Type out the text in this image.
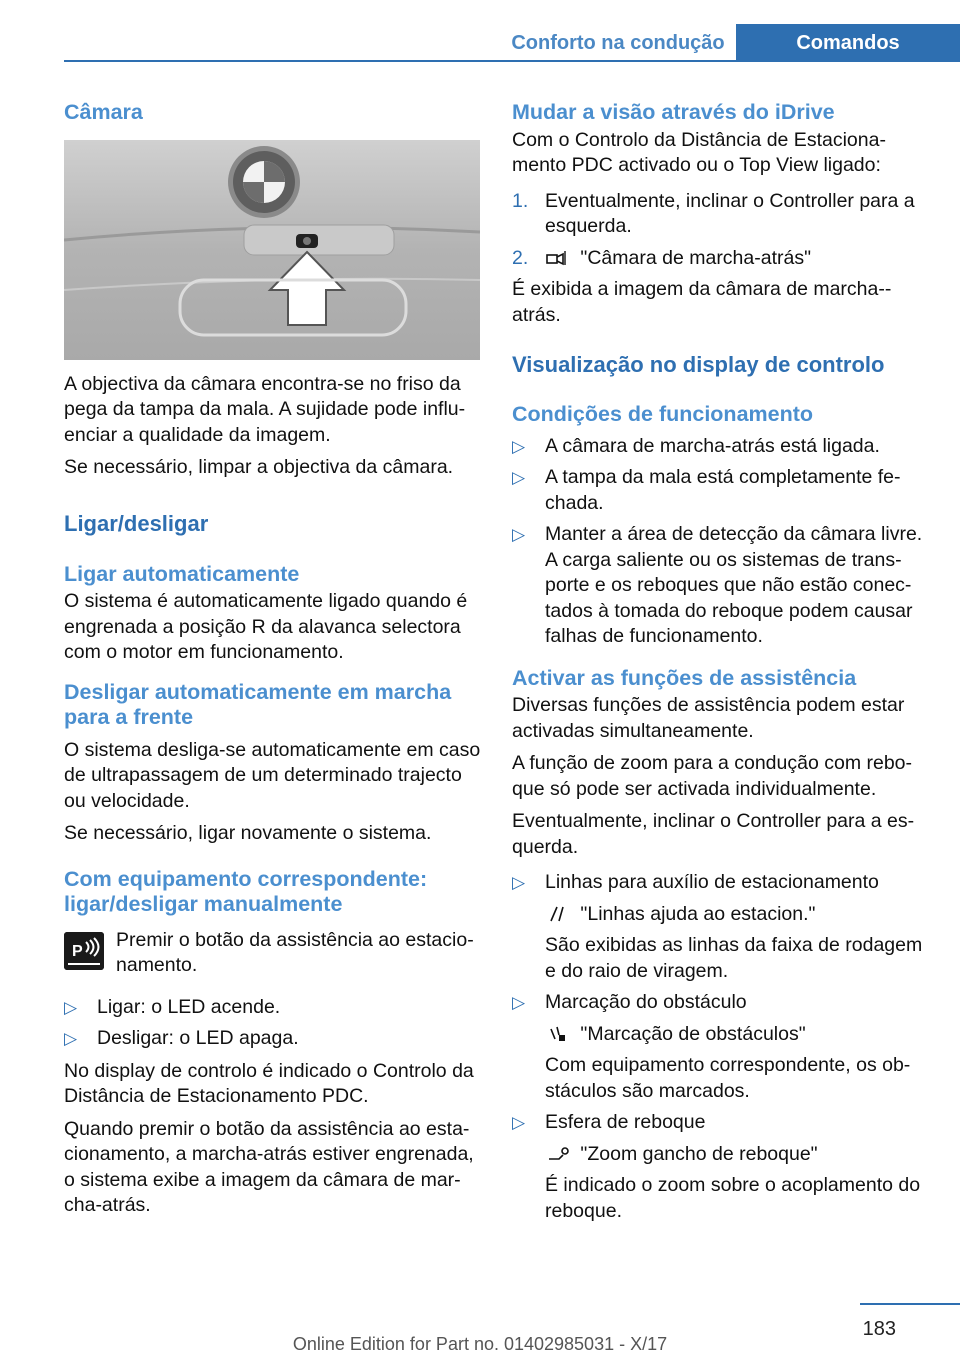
Conforto na condução	Comandos
Câmara

A objectiva da câmara encontra-se no friso da pega da tampa da mala. A sujidade pode influ-enciar a qualidade da imagem.

Se necessário, limpar a objectiva da câmara.

Ligar/desligar
Ligar automaticamente

O sistema é automaticamente ligado quando é engrenada a posição R da alavanca selectora com o motor em funcionamento.

Desligar automaticamente em marcha para a frente

O sistema desliga-se automaticamente em caso de ultrapassagem de um determinado trajecto ou velocidade.

Se necessário, ligar novamente o sistema.

Com equipamento correspondente: ligar/desligar manualmente
P
Premir o botão da assistência ao estacio-namento.
▷	Ligar: o LED acende.
▷	Desligar: o LED apaga.

No display de controlo é indicado o Controlo da Distância de Estacionamento PDC.

Quando premir o botão da assistência ao esta-cionamento, a marcha-atrás estiver engrenada, o sistema exibe a imagem da câmara de mar-cha-atrás.

Mudar a visão através do iDrive

Com o Controlo da Distância de Estaciona-mento PDC activado ou o Top View ligado:

1. Eventualmente, inclinar o Controller para a esquerda.
2.	"Câmara de marcha-atrás"

É exibida a imagem da câmara de marcha--atrás.

Visualização no display de controlo
Condições de funcionamento
▷	A câmara de marcha-atrás está ligada.
▷	A tampa da mala está completamente fe-chada.
▷	Manter a área de detecção da câmara livre. A carga saliente ou os sistemas de trans-porte e os reboques que não estão conec-tados à tomada do reboque podem causar falhas de funcionamento.
Activar as funções de assistência

Diversas funções de assistência podem estar activadas simultaneamente.

A função de zoom para a condução com rebo-que só pode ser activada individualmente.

Eventualmente, inclinar o Controller para a es-querda.

▷	Linhas para auxílio de estacionamento
"Linhas ajuda ao estacion."
São exibidas as linhas da faixa de rodagem e do raio de viragem.
▷	Marcação do obstáculo
"Marcação de obstáculos"
Com equipamento correspondente, os ob-stáculos são marcados.
▷	Esfera de reboque
"Zoom gancho de reboque"
É indicado o zoom sobre o acoplamento do reboque.
183
Online Edition for Part no. 01402985031 - X/17
